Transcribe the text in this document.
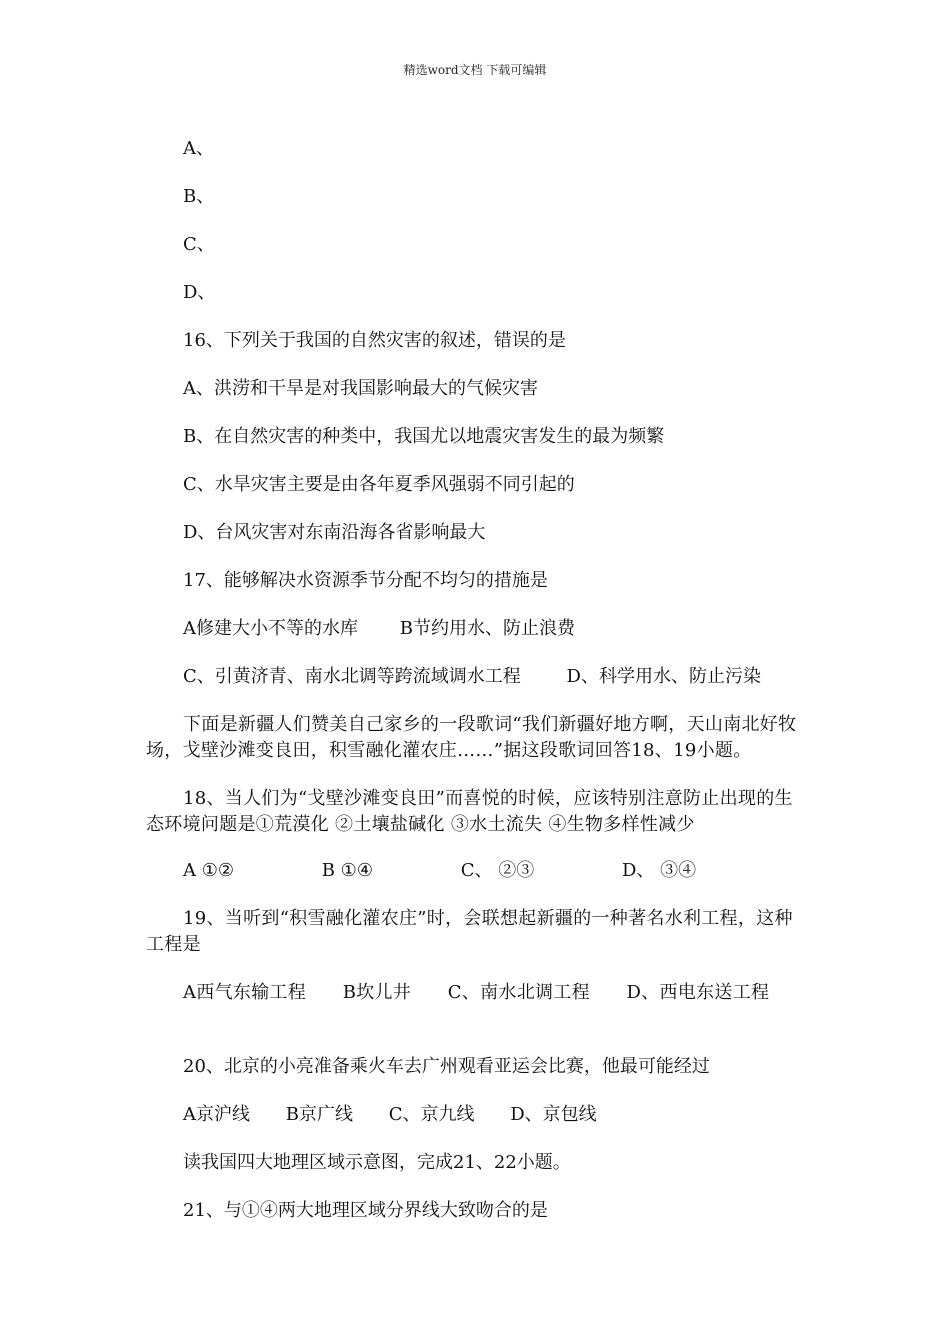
精选word文档 下载可编辑
A、
B、
C、
D、
16、下列关于我国的自然灾害的叙述，错误的是
A、洪涝和干旱是对我国影响最大的气候灾害
B、在自然灾害的种类中，我国尤以地震灾害发生的最为频繁
C、水旱灾害主要是由各年夏季风强弱不同引起的
D、台风灾害对东南沿海各省影响最大
17、能够解决水资源季节分配不均匀的措施是
A修建大小不等的水库 B节约用水、防止浪费
C、引黄济青、南水北调等跨流域调水工程	D、科学用水、防止污染
下面是新疆人们赞美自己家乡的一段歌词“我们新疆好地方啊，天山南北好牧场，戈壁沙滩变良田，积雪融化灌农庄……”据这段歌词回答18、19小题。
18、当人们为“戈壁沙滩变良田”而喜悦的时候，应该特别注意防止出现的生态环境问题是①荒漠化 ②土壤盐碱化 ③水土流失 ④生物多样性减少
A ①②	B ①④	C、 ②③	D、 ③④
19、当听到“积雪融化灌农庄”时，会联想起新疆的一种著名水利工程，这种工程是
A西气东输工程　　B坎儿井　　C、南水北调工程　　D、西电东送工程
20、北京的小亮准备乘火车去广州观看亚运会比赛，他最可能经过
A京沪线 B京广线 C、京九线 D、京包线
读我国四大地理区域示意图，完成21、22小题。
21、与①④两大地理区域分界线大致吻合的是
